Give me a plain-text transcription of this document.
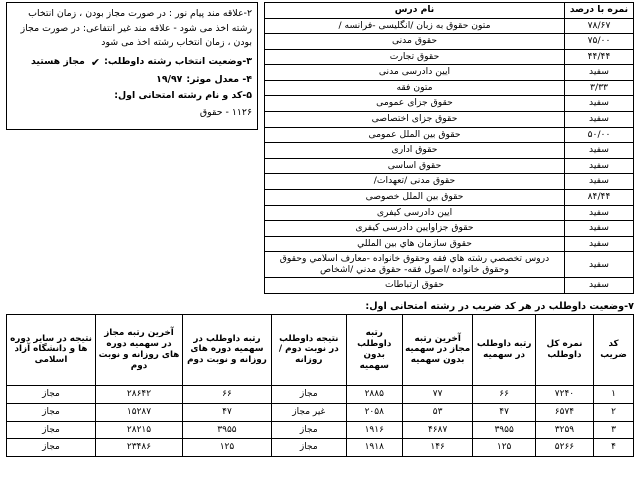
نمره با درصد	نام درس
۷۸/۶۷	متون حقوق به زبان /انگلیسی -فرانسه /
۷۵/۰۰	حقوق مدنی
۴۴/۴۴	حقوق تجارت
سفید	ایین دادرسی مدنی
۳/۳۳	متون فقه
سفید	حقوق جزای عمومی
سفید	حقوق جزای اختصاصی
۵۰/۰۰	حقوق بین الملل عمومی
سفید	حقوق اداری
سفید	حقوق اساسی
سفید	حقوق مدنی /تعهدات/
۸۴/۴۴	حقوق بین الملل خصوصی
سفید	ایین دادرسی کیفری
سفید	حقوق جزاوایین دادرسی کیفری
سفید	حقوق سازمان هاي بین المللي
سفید	دروس تخصصي رشته هاي فقه وحقوق خانواده -معارف اسلامي وحقوق وحقوق خانواده /اصول فقه- حقوق مدني /اشخاص
سفید	حقوق ارتباطات

۲-علاقه مند پیام نور : در صورت مجاز بودن ، زمان انتخاب رشته اخذ می شود - علاقه مند غیر انتفاعی: در صورت مجاز بودن ، زمان انتخاب رشته اخذ می شود

۳-وضعیت انتخاب رشته داوطلب:
✔
مجاز هستید
۴- معدل موثر:
۱۹/۹۷
۵-کد و نام رشته امتحانی اول:
۱۱۲۶ - حقوق
۷-وضعیت داوطلب در هر کد ضریب در رشته امتحانی اول:
کد ضریب	نمره کل داوطلب	رتبه داوطلب در سهمیه	آخرین رتبه مجاز در سهمیه بدون سهمیه	رتبه داوطلب بدون سهمیه	نتیجه داوطلب در نوبت دوم / روزانه	رتبه داوطلب در سهمیه دوره های روزانه و نوبت دوم	آخرین رتبه مجاز در سهمیه دوره های روزانه و نوبت دوم	نتیجه در سایر دوره ها و دانشگاه آزاد اسلامی
۱	۷۲۴۰	۶۶	۷۷	۲۸۸۵	مجاز	۶۶	۲۸۶۴۲	مجاز
۲	۶۵۷۴	۴۷	۵۳	۲۰۵۸	غیر مجاز	۴۷	۱۵۲۸۷	مجاز
۳	۳۲۵۹	۳۹۵۵	۴۶۸۷	۱۹۱۶	مجاز	۳۹۵۵	۲۸۲۱۵	مجاز
۴	۵۲۶۶	۱۲۵	۱۴۶	۱۹۱۸	مجاز	۱۲۵	۲۳۴۸۶	مجاز
